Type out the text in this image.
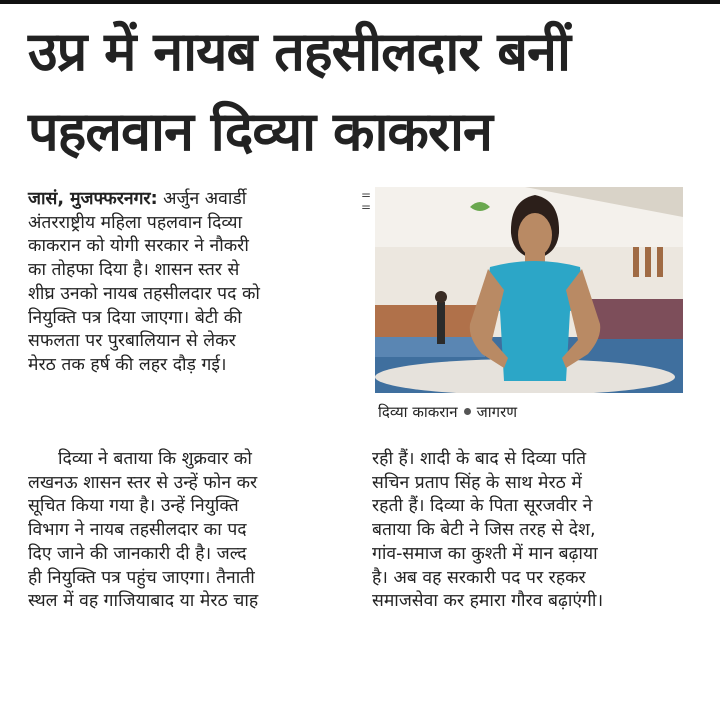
उप्र में नायब तहसीलदार बनीं
पहलवान दिव्या काकरान
जासं, मुजफ्फरनगर: अर्जुन अवार्डी
अंतरराष्ट्रीय महिला पहलवान दिव्या
काकरान को योगी सरकार ने नौकरी
का तोहफा दिया है। शासन स्तर से
शीघ्र उनको नायब तहसीलदार पद को
नियुक्ति पत्र दिया जाएगा। बेटी की
सफलता पर पुरबालियान से लेकर
मेरठ तक हर्ष की लहर दौड़ गई।
=
=
दिव्या काकरान जागरण
दिव्या ने बताया कि शुक्रवार को
लखनऊ शासन स्तर से उन्हें फोन कर
सूचित किया गया है। उन्हें नियुक्ति
विभाग ने नायब तहसीलदार का पद
दिए जाने की जानकारी दी है। जल्द
ही नियुक्ति पत्र पहुंच जाएगा। तैनाती
स्थल में वह गाजियाबाद या मेरठ चाह
रही हैं। शादी के बाद से दिव्या पति
सचिन प्रताप सिंह के साथ मेरठ में
रहती हैं। दिव्या के पिता सूरजवीर ने
बताया कि बेटी ने जिस तरह से देश,
गांव-समाज का कुश्ती में मान बढ़ाया
है। अब वह सरकारी पद पर रहकर
समाजसेवा कर हमारा गौरव बढ़ाएंगी।
